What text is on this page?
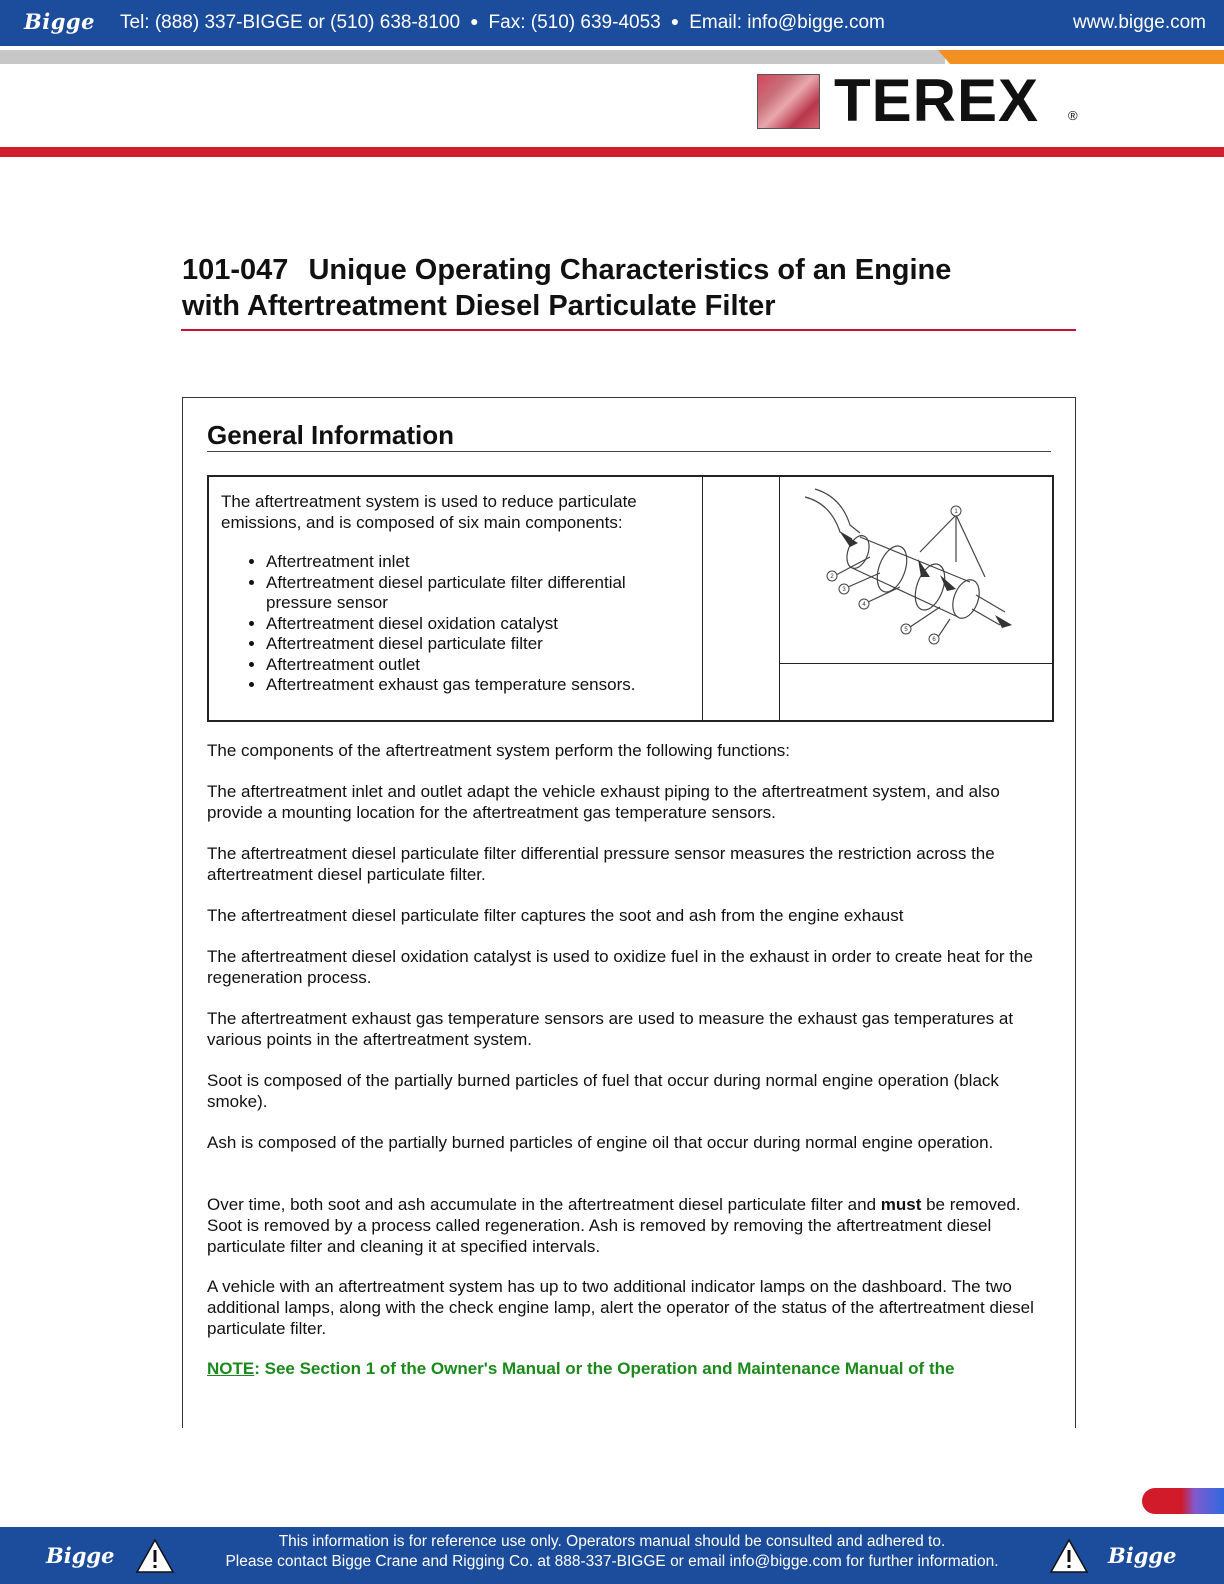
Bigge Tel: (888) 337-BIGGE or (510) 638-8100 ● Fax: (510) 639-4053 ● Email: info@bigge.com	www.bigge.com
TEREX ®
101-047 Unique Operating Characteristics of an Engine
with Aftertreatment Diesel Particulate Filter
General Information
The aftertreatment system is used to reduce particulate emissions, and is composed of six main components:
• Aftertreatment inlet
• Aftertreatment diesel particulate filter differential pressure sensor
• Aftertreatment diesel oxidation catalyst
• Aftertreatment diesel particulate filter
• Aftertreatment outlet
• Aftertreatment exhaust gas temperature sensors.
1
2
3
4
5
6

The components of the aftertreatment system perform the following functions:

The aftertreatment inlet and outlet adapt the vehicle exhaust piping to the aftertreatment system, and also provide a mounting location for the aftertreatment gas temperature sensors.

The aftertreatment diesel particulate filter differential pressure sensor measures the restriction across the aftertreatment diesel particulate filter.

The aftertreatment diesel particulate filter captures the soot and ash from the engine exhaust

The aftertreatment diesel oxidation catalyst is used to oxidize fuel in the exhaust in order to create heat for the regeneration process.

The aftertreatment exhaust gas temperature sensors are used to measure the exhaust gas temperatures at various points in the aftertreatment system.

Soot is composed of the partially burned particles of fuel that occur during normal engine operation (black smoke).

Ash is composed of the partially burned particles of engine oil that occur during normal engine operation.

Over time, both soot and ash accumulate in the aftertreatment diesel particulate filter and must be removed. Soot is removed by a process called regeneration. Ash is removed by removing the aftertreatment diesel particulate filter and cleaning it at specified intervals.

A vehicle with an aftertreatment system has up to two additional indicator lamps on the dashboard. The two additional lamps, along with the check engine lamp, alert the operator of the status of the aftertreatment diesel particulate filter.

NOTE: See Section 1 of the Owner's Manual or the Operation and Maintenance Manual of the

Bigge
This information is for reference use only. Operators manual should be consulted and adhered to.
Please contact Bigge Crane and Rigging Co. at 888-337-BIGGE or email info@bigge.com for further information.	Bigge
